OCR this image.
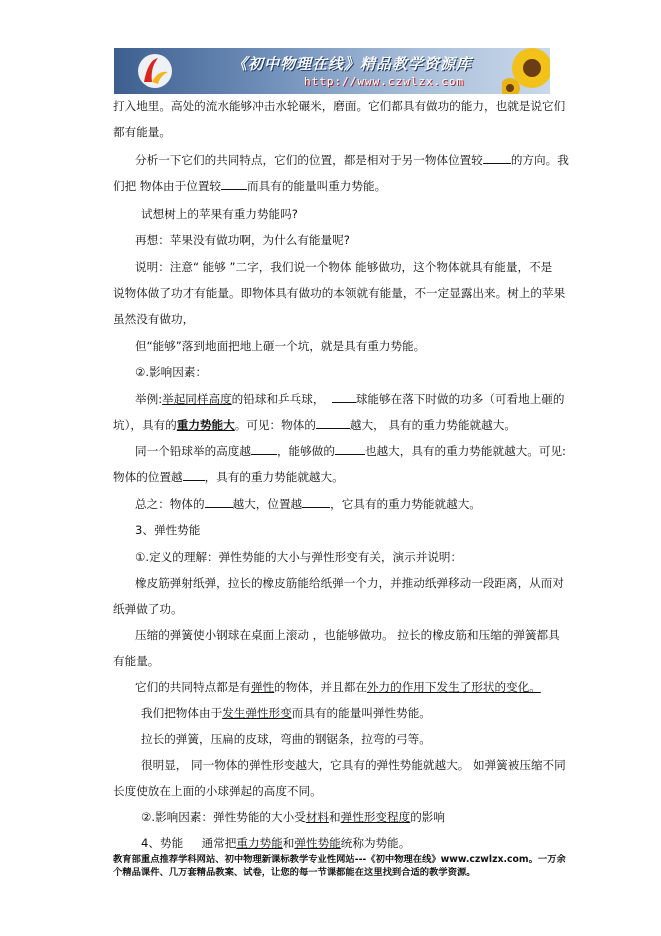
《初中物理在线》精品教学资源库
http://www.czwlzx.com
打入地里。高处的流水能够冲击水轮碾米，磨面。它们都具有做功的能力，也就是说它们
都有能量。
分析一下它们的共同特点，它们的位置，都是相对于另一物体位置较 的方向。我
们把 物体由于位置较 而具有的能量叫重力势能。
试想树上的苹果有重力势能吗?
再想：苹果没有做功啊，为什么有能量呢?
说明：注意“ 能够 ”二字，我们说一个物体 能够做功，这个物体就具有能量，不是
说物体做了功才有能量。即物体具有做功的本领就有能量，不一定显露出来。树上的苹果
虽然没有做功，
但“能够”落到地面把地上砸一个坑，就是具有重力势能。
②.影响因素：
举例:举起同样高度的铅球和乒乓球，	球能够在落下时做的功多（可看地上砸的
坑），具有的重力势能大。可见：物体的	越大， 具有的重力势能就越大。
同一个铅球举的高度越 ，能够做的	也越大，具有的重力势能就越大。可见:
物体的位置越 ，具有的重力势能就越大。
总之：物体的 越大，位置越 ，它具有的重力势能就越大。
3、弹性势能
①.定义的理解：弹性势能的大小与弹性形变有关，演示并说明：
橡皮筋弹射纸弹，拉长的橡皮筋能给纸弹一个力，并推动纸弹移动一段距离，从而对
纸弹做了功。
压缩的弹簧使小钢球在桌面上滚动 ，也能够做功。 拉长的橡皮筋和压缩的弹簧都具
有能量。
它们的共同特点都是有弹性的物体，并且都在外力的作用下发生了形状的变化。
我们把物体由于发生弹性形变而具有的能量叫弹性势能。
拉长的弹簧，压扁的皮球，弯曲的钢锯条，拉弯的弓等。
很明显， 同一物体的弹性形变越大，它具有的弹性势能就越大。 如弹簧被压缩不同
长度使放在上面的小球弹起的高度不同。
②.影响因素：弹性势能的大小受材料和弹性形变程度的影响
4、势能 通常把重力势能和弹性势能统称为势能。
教育部重点推荐学科网站、初中物理新课标教学专业性网站---《初中物理在线》www.czwlzx.com。一万余
个精品课件、几万套精品教案、试卷，让您的每一节课都能在这里找到合适的教学资源。
